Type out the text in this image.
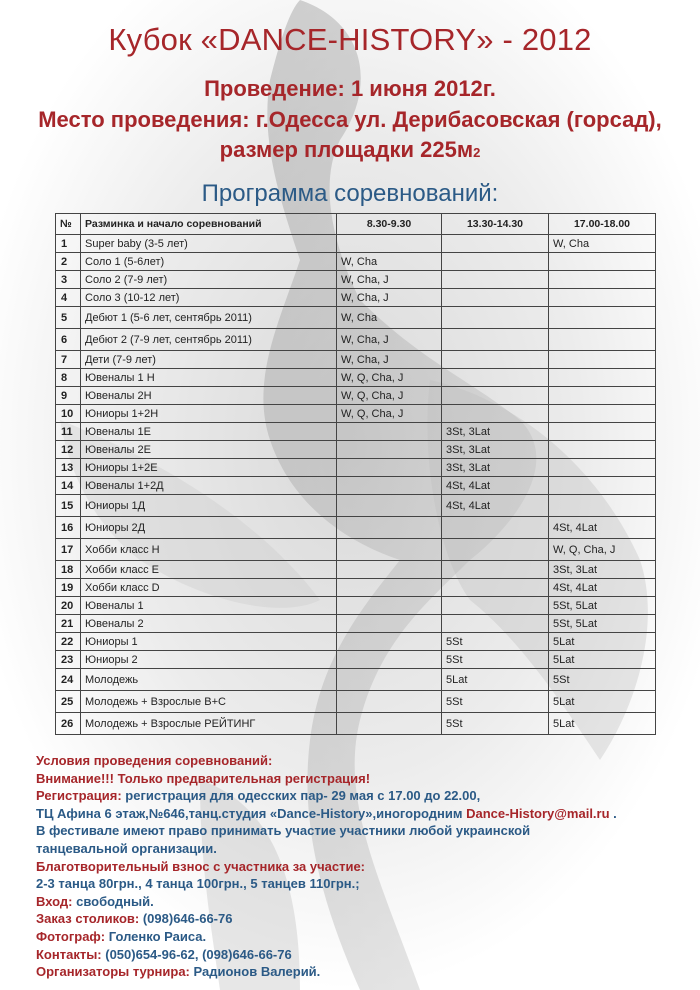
Кубок «DANCE-HISTORY» - 2012
Проведение: 1 июня 2012г.
Место проведения: г.Одесса ул. Дерибасовская (горсад),
размер площадки 225м2
Программа соревнований:
№	Разминка и начало соревнований	8.30-9.30	13.30-14.30	17.00-18.00
1	Super baby (3-5 лет)			W, Cha
2	Соло 1 (5-6лет)	W, Cha		
3	Соло 2 (7-9 лет)	W, Cha, J		
4	Соло 3 (10-12 лет)	W, Cha, J		
5	Дебют 1 (5-6 лет, сентябрь 2011)	W, Cha		
6	Дебют 2 (7-9 лет, сентябрь 2011)	W, Cha, J		
7	Дети (7-9 лет)	W, Cha, J		
8	Ювеналы 1 Н	W, Q, Cha, J		
9	Ювеналы 2Н	W, Q, Cha, J		
10	Юниоры 1+2Н	W, Q, Cha, J		
11	Ювеналы 1Е		3St, 3Lat	
12	Ювеналы 2Е		3St, 3Lat	
13	Юниоры 1+2Е		3St, 3Lat	
14	Ювеналы 1+2Д		4St, 4Lat	
15	Юниоры 1Д		4St, 4Lat	
16	Юниоры 2Д			4St, 4Lat
17	Хобби класс Н			W, Q, Cha, J
18	Хобби класс Е			3St, 3Lat
19	Хобби класс D			4St, 4Lat
20	Ювеналы 1			5St, 5Lat
21	Ювеналы 2			5St, 5Lat
22	Юниоры 1		5St	5Lat
23	Юниоры 2		5St	5Lat
24	Молодежь		5Lat	5St
25	Молодежь + Взрослые В+С		5St	5Lat
26	Молодежь + Взрослые РЕЙТИНГ		5St	5Lat
Условия проведения соревнований:
Внимание!!! Только предварительная регистрация!
Регистрация: регистрация для одесских пар- 29 мая с 17.00 до 22.00,
ТЦ Афина 6 этаж,№646,танц.студия «Dance-History»,иногородним Dance-History@mail.ru .
В фестивале имеют право принимать участие участники любой украинской
танцевальной организации.
Благотворительный взнос с участника за участие:
2-3 танца 80грн., 4 танца 100грн., 5 танцев 110грн.;
Вход: свободный.
Заказ столиков: (098)646-66-76
Фотограф: Голенко Раиса.
Контакты: (050)654-96-62, (098)646-66-76
Организаторы турнира: Радионов Валерий.
